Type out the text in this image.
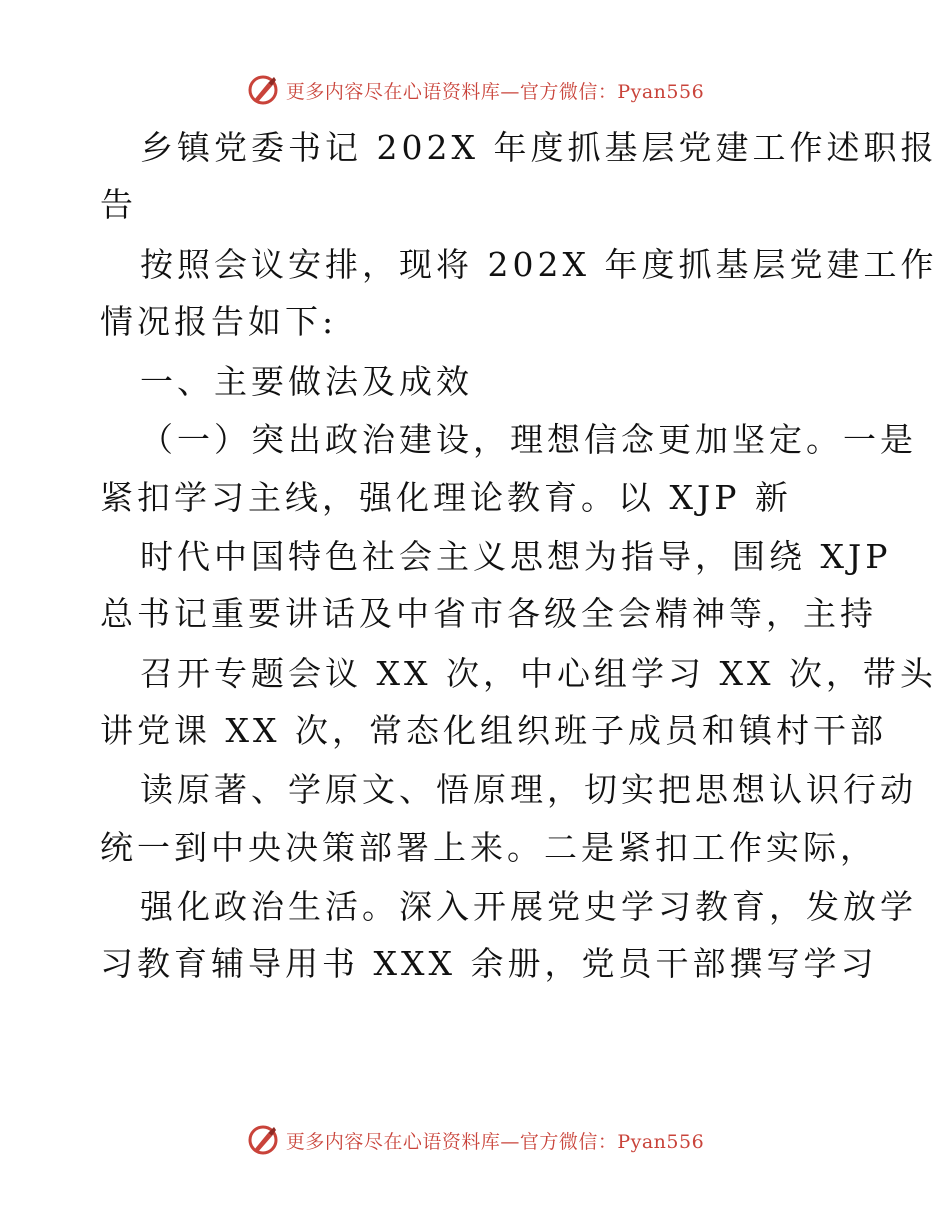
更多内容尽在心语资料库—官方微信：Pyan556
乡镇党委书记 202X 年度抓基层党建工作述职报
告
按照会议安排，现将 202X 年度抓基层党建工作
情况报告如下:
一、主要做法及成效
（一）突出政治建设，理想信念更加坚定。一是
紧扣学习主线，强化理论教育。以 XJP 新
时代中国特色社会主义思想为指导，围绕 XJP
总书记重要讲话及中省市各级全会精神等，主持
召开专题会议 XX 次，中心组学习 XX 次，带头
讲党课 XX 次，常态化组织班子成员和镇村干部
读原著、学原文、悟原理，切实把思想认识行动
统一到中央决策部署上来。二是紧扣工作实际，
强化政治生活。深入开展党史学习教育，发放学
习教育辅导用书 XXX 余册，党员干部撰写学习
更多内容尽在心语资料库—官方微信：Pyan556
